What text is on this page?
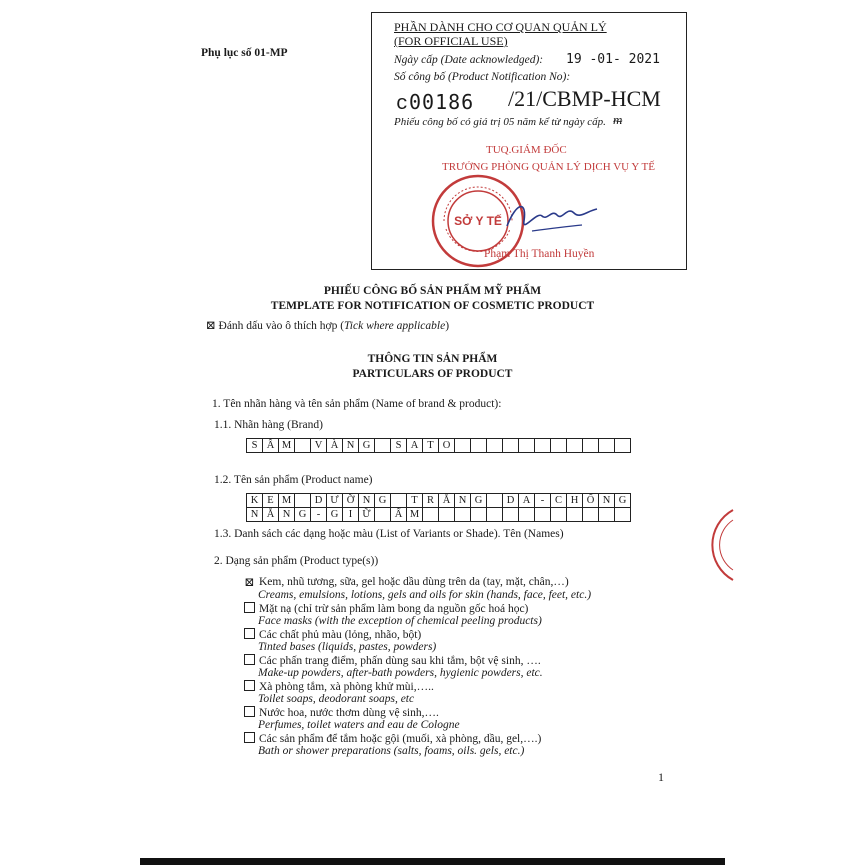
Phụ lục số 01-MP
PHẦN DÀNH CHO CƠ QUAN QUẢN LÝ
(FOR OFFICIAL USE)
Ngày cấp (Date acknowledged): 19 -01- 2021
Số công bố (Product Notification No):
ᴄ00186 /21/CBMP-HCM
Phiếu công bố có giá trị 05 năm kể từ ngày cấp. ᵯ
TUQ.GIÁM ĐỐC
TRƯỞNG PHÒNG QUẢN LÝ DỊCH VỤ Y TẾ
SỞ Y TẾ
Phạm Thị Thanh Huyền
PHIẾU CÔNG BỐ SẢN PHẨM MỸ PHẨM
TEMPLATE FOR NOTIFICATION OF COSMETIC PRODUCT
⊠ Đánh dấu vào ô thích hợp (Tick where applicable)
THÔNG TIN SẢN PHẨM
PARTICULARS OF PRODUCT
1. Tên nhãn hàng và tên sản phẩm (Name of brand & product):
1.1. Nhãn hàng (Brand)
S Â M	V À N G	S A T O
1.2. Tên sản phẩm (Product name)
K E M	D Ư Ỡ N G	T R Ắ N G	D A -	C H Ố N G
N Ắ N G - G I Ữ	Ẩ M
1.3. Danh sách các dạng hoặc màu (List of Variants or Shade). Tên (Names)
2. Dạng sản phẩm (Product type(s))
⊠ Kem, nhũ tương, sữa, gel hoặc dầu dùng trên da (tay, mặt, chân,…)
Creams, emulsions, lotions, gels and oils for skin (hands, face, feet, etc.)
Mặt nạ (chỉ trừ sản phẩm làm bong da nguồn gốc hoá học)
Face masks (with the exception of chemical peeling products)
Các chất phủ màu (lỏng, nhão, bột)
Tinted bases (liquids, pastes, powders)
Các phấn trang điểm, phấn dùng sau khi tắm, bột vệ sinh, ….
Make-up powders, after-bath powders, hygienic powders, etc.
Xà phòng tắm, xà phòng khử mùi,…..
Toilet soaps, deodorant soaps, etc
Nước hoa, nước thơm dùng vệ sinh,….
Perfumes, toilet waters and eau de Cologne
Các sản phẩm để tắm hoặc gội (muối, xà phòng, dầu, gel,….)
Bath or shower preparations (salts, foams, oils. gels, etc.)
1
